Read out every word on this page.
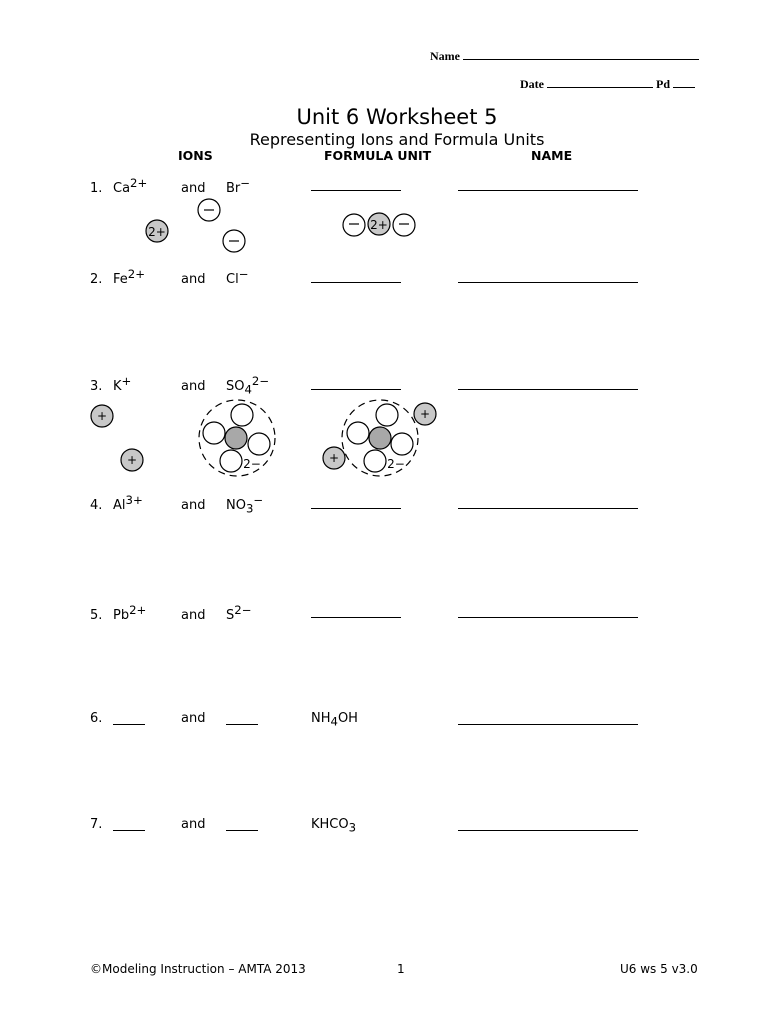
Name
Date	Pd
Unit 6 Worksheet 5
Representing Ions and Formula Units
IONS	FORMULA UNIT	NAME
1. $Ca^{2+}$	and Br−
2+	2+
2. $Fe^{2+}$	and Cl−
3. K+	and $SO_4^{2-}$
+
+	2−	2−
+
+
4. $Al^{3+}$	and $NO_3^-$
5. $Pb^{2+}$	and $S^{2-}$
6.	and	$NH_4OH$
7.	and	$KHCO_3$
©Modeling Instruction – AMTA 2013	1	U6 ws 5 v3.0
